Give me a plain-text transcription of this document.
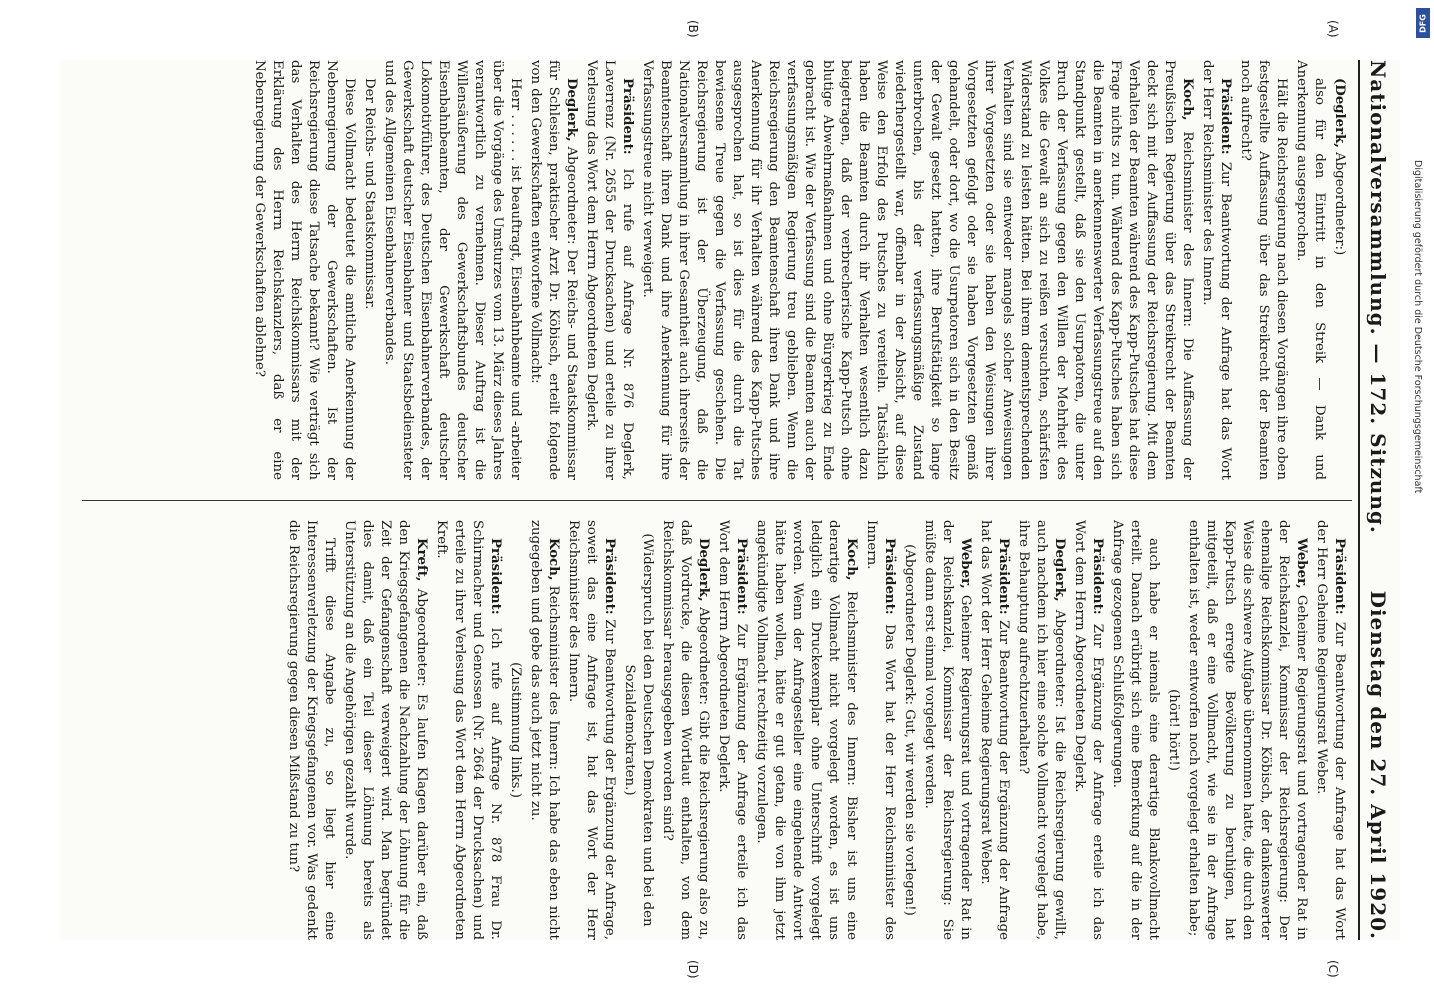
Nationalversammlung. — 172. Sitzung.
Dienstag den 27. April 1920.
(A)
(B)
(C)
(D)

(Deglerk, Abgeordneter:)

also für den Eintritt in den Streik — Dank und Anerkennung ausgesprochen.

Hält die Reichsregierung nach diesen Vorgängen ihre oben festgestellte Auffassung über das Streikrecht der Beamten noch aufrecht?

Präsident: Zur Beantwortung der Anfrage hat das Wort der Herr Reichsminister des Innern.

Koch, Reichsminister des Innern: Die Auffassung der Preußischen Regierung über das Streikrecht der Beamten deckt sich mit der Auffassung der Reichsregierung. Mit dem Verhalten der Beamten während des Kapp-Putsches hat diese Frage nichts zu tun. Während des Kapp-Putsches haben sich die Beamten in anerkennenswerter Verfassungstreue auf den Standpunkt gestellt, daß sie den Usurpatoren, die unter Bruch der Verfassung gegen den Willen der Mehrheit des Volkes die Gewalt an sich zu reißen versuchten, schärfsten Widerstand zu leisten hätten. Bei ihrem dementsprechenden Verhalten sind sie entweder mangels solcher Anweisungen ihrer Vorgesetzten oder sie haben den Weisungen ihrer Vorgesetzten gefolgt oder sie haben Vorgesetzten gemäß gehandelt, oder dort, wo die Usurpatoren sich in den Besitz der Gewalt gesetzt hatten, ihre Berufstätigkeit so lange unterbrochen, bis der verfassungsmäßige Zustand wiederhergestellt war, offenbar in der Absicht, auf diese Weise den Erfolg des Putsches zu vereiteln. Tatsächlich haben die Beamten durch ihr Verhalten wesentlich dazu beigetragen, daß der verbrecherische Kapp-Putsch ohne blutige Abwehrmaßnahmen und ohne Bürgerkrieg zu Ende gebracht ist. Wie der Verfassung sind die Beamten auch der verfassungsmäßigen Regierung treu geblieben. Wenn die Reichsregierung den Beamtenschaft ihren Dank und ihre Anerkennung für ihr Verhalten während des Kapp-Putsches ausgesprochen hat, so ist dies für die durch die Tat bewiesene Treue gegen die Verfassung geschehen. Die Reichsregierung ist der Überzeugung, daß die Nationalversammlung in ihrer Gesamtheit auch ihrerseits der Beamtenschaft ihren Dank und ihre Anerkennung für ihre Verfassungstreue nicht verweigert.

Präsident: Ich rufe auf Anfrage Nr. 876 Deglerk, Laverrenz (Nr. 2655 der Drucksachen) und erteile zu ihrer Verlesung das Wort dem Herrn Abgeordneten Deglerk.

Deglerk, Abgeordneter: Der Reichs- und Staatskommissar für Schlesien, praktischer Arzt Dr. Köbisch, erteilt folgende von den Gewerkschaften entworfene Vollmacht:

Herr . . . . . . ist beauftragt, Eisenbahnbeamte und -arbeiter über die Vorgänge des Umsturzes vom 13. März dieses Jahres verantwortlich zu vernehmen. Dieser Auftrag ist die Willensäußerung des Gewerkschaftsbundes deutscher Eisenbahnbeamten, der Gewerkschaft deutscher Lokomotivführer, des Deutschen Eisenbahnerverbandes, der Gewerkschaft deutscher Eisenbahner und Staatsbediensteter und des Allgemeinen Eisenbahnerverbandes.

Der Reichs- und Staatskommissar.

Diese Vollmacht bedeutet die amtliche Anerkennung der Nebenregierung der Gewerkschaften. Ist der Reichsregierung diese Tatsache bekannt? Wie verträgt sich das Verhalten des Herrn Reichskommissars mit der Erklärung des Herrn Reichskanzlers, daß er eine Nebenregierung der Gewerkschaften ablehne?

Präsident: Zur Beantwortung der Anfrage hat das Wort der Herr Geheime Regierungsrat Weber.

Weber, Geheimer Regierungsrat und vortragender Rat in der Reichskanzlei, Kommissar der Reichsregierung: Der ehemalige Reichskommissar Dr. Köbisch, der dankenswerter Weise die schwere Aufgabe übernommen hatte, die durch den Kapp-Putsch erregte Bevölkerung zu beruhigen, hat mitgeteilt, daß er eine Vollmacht, wie sie in der Anfrage enthalten ist, weder entworfen noch vorgelegt erhalten habe;

(hört! hört!)

auch habe er niemals eine derartige Blankovollmacht erteilt. Danach erübrigt sich eine Bemerkung auf die in der Anfrage gezogenen Schlußfolgerungen.

Präsident: Zur Ergänzung der Anfrage erteile ich das Wort dem Herrn Abgeordneten Deglerk.

Deglerk, Abgeordneter: Ist die Reichsregierung gewillt, auch nachdem ich hier eine solche Vollmacht vorgelegt habe, ihre Behauptung aufrechtzuerhalten?

Präsident: Zur Beantwortung der Ergänzung der Anfrage hat das Wort der Herr Geheime Regierungsrat Weber.

Weber, Geheimer Regierungsrat und vortragender Rat in der Reichskanzlei, Kommissar der Reichsregierung: Sie müßte dann erst einmal vorgelegt werden.

(Abgeordneter Deglerk: Gut, wir werden sie vorlegen!)

Präsident: Das Wort hat der Herr Reichsminister des Innern.

Koch, Reichsminister des Innern: Bisher ist uns eine derartige Vollmacht nicht vorgelegt worden, es ist uns lediglich ein Druckexemplar ohne Unterschrift vorgelegt worden. Wenn der Anfragesteller eine eingehende Antwort hätte haben wollen, hätte er gut getan, die von ihm jetzt angekündigte Vollmacht rechtzeitig vorzulegen.

Präsident: Zur Ergänzung der Anfrage erteile ich das Wort dem Herrn Abgeordneten Deglerk.

Deglerk, Abgeordneter: Gibt die Reichsregierung also zu, daß Vordrucke, die diesen Wortlaut enthalten, von dem Reichskommissar herausgegeben worden sind?

(Widerspruch bei den Deutschen Demokraten und bei den Sozialdemokraten.)

Präsident: Zur Beantwortung der Ergänzung der Anfrage, soweit das eine Anfrage ist, hat das Wort der Herr Reichsminister des Innern.

Koch, Reichsminister des Innern: Ich habe das eben nicht zugegeben und gebe das auch jetzt nicht zu.

(Zustimmung links.)

Präsident: Ich rufe auf Anfrage Nr. 878 Frau Dr. Schirmacher und Genossen (Nr. 2664 der Drucksachen) und erteile zu ihrer Verlesung das Wort dem Herrn Abgeordneten Kreft.

Kreft, Abgeordneter: Es laufen Klagen darüber ein, daß den Kriegsgefangenen die Nachzahlung der Löhnung für die Zeit der Gefangenschaft verweigert wird. Man begründet dies damit, daß ein Teil dieser Löhnung bereits als Unterstützung an die Angehörigen gezahlt wurde.

Trifft diese Angabe zu, so liegt hier eine Interessenverletzung der Kriegsgefangenen vor. Was gedenkt die Reichsregierung gegen diesen Mißstand zu tun?

DFG
Digitalisierung gefördert durch die Deutsche Forschungsgemeinschaft
